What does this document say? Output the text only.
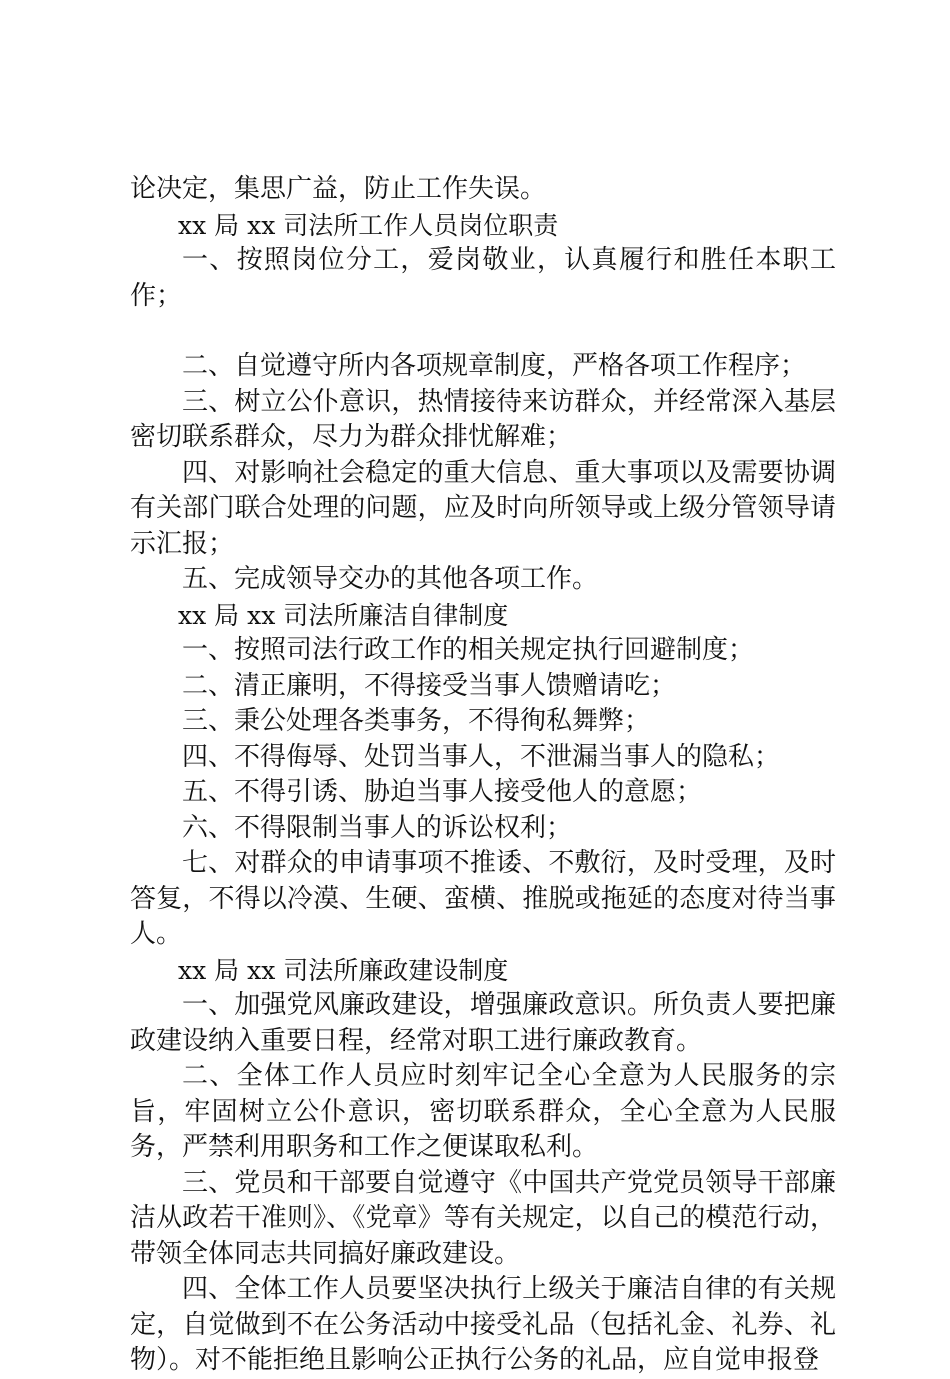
论决定，集思广益，防止工作失误。

xx 局 xx 司法所工作人员岗位职责

一、按照岗位分工，爱岗敬业，认真履行和胜任本职工作；

二、自觉遵守所内各项规章制度，严格各项工作程序；

三、树立公仆意识，热情接待来访群众，并经常深入基层密切联系群众，尽力为群众排忧解难；

四、对影响社会稳定的重大信息、重大事项以及需要协调有关部门联合处理的问题，应及时向所领导或上级分管领导请示汇报；

五、完成领导交办的其他各项工作。

xx 局 xx 司法所廉洁自律制度

一、按照司法行政工作的相关规定执行回避制度；

二、清正廉明，不得接受当事人馈赠请吃；

三、秉公处理各类事务，不得徇私舞弊；

四、不得侮辱、处罚当事人，不泄漏当事人的隐私；

五、不得引诱、胁迫当事人接受他人的意愿；

六、不得限制当事人的诉讼权利；

七、对群众的申请事项不推诿、不敷衍，及时受理，及时答复，不得以冷漠、生硬、蛮横、推脱或拖延的态度对待当事人。

xx 局 xx 司法所廉政建设制度

一、加强党风廉政建设，增强廉政意识。所负责人要把廉政建设纳入重要日程，经常对职工进行廉政教育。

二、全体工作人员应时刻牢记全心全意为人民服务的宗旨，牢固树立公仆意识，密切联系群众，全心全意为人民服务，严禁利用职务和工作之便谋取私利。

三、党员和干部要自觉遵守《中国共产党党员领导干部廉洁从政若干准则》、《党章》等有关规定，以自己的模范行动，带领全体同志共同搞好廉政建设。

四、全体工作人员要坚决执行上级关于廉洁自律的有关规定，自觉做到不在公务活动中接受礼品（包括礼金、礼券、礼物）。对不能拒绝且影响公正执行公务的礼品，应自觉申报登
